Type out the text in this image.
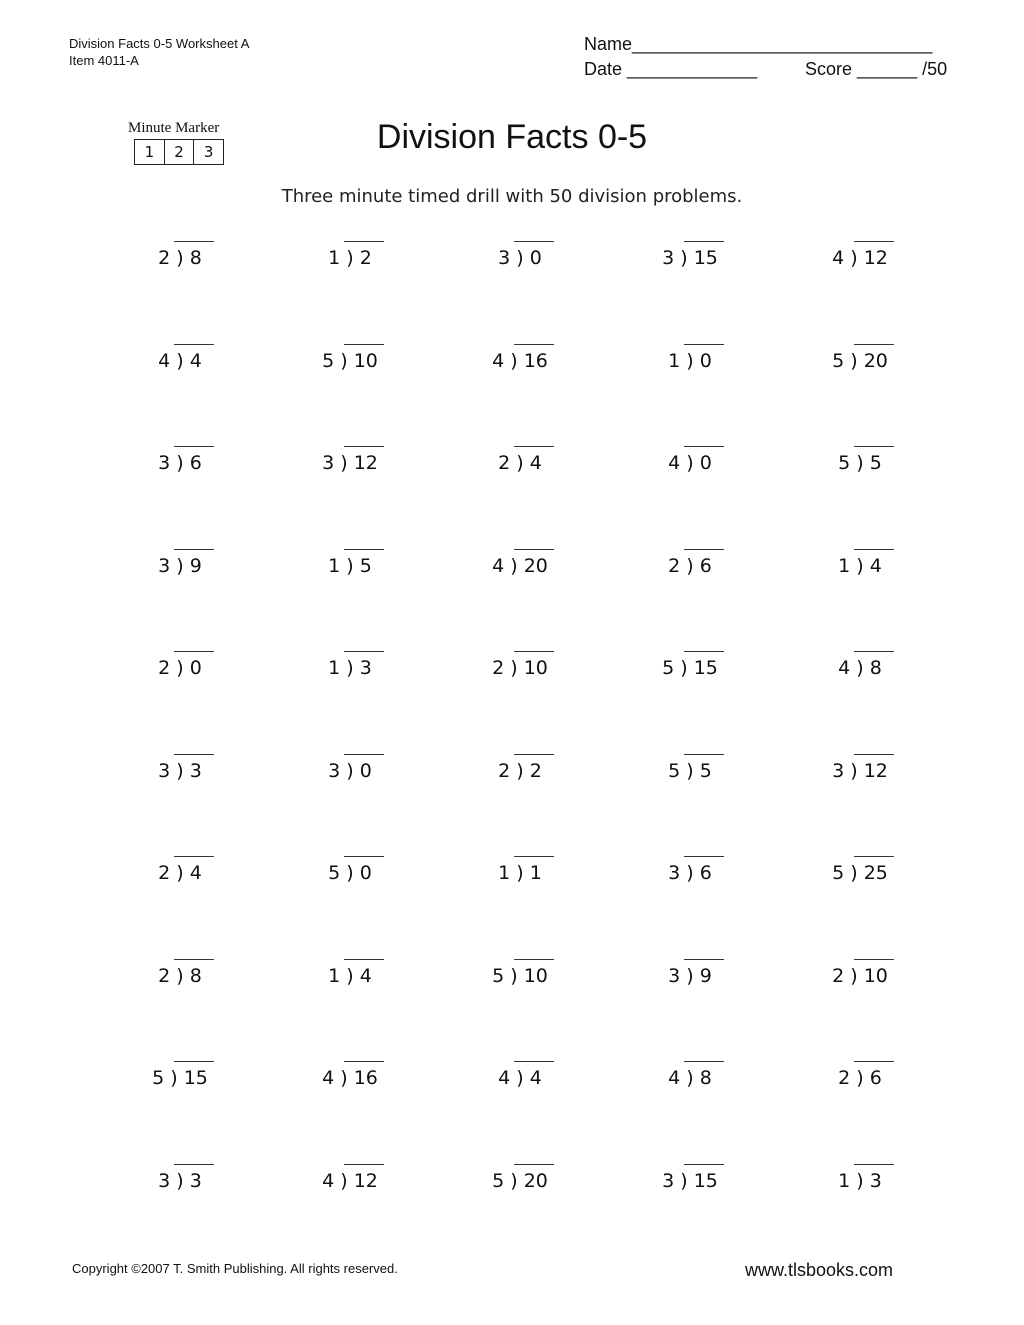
Division Facts 0-5 Worksheet A
Item 4011-A
Name______________________________
Date _____________	Score ______ /50
Minute Marker
1	2	3	Division Facts 0-5
Three minute timed drill with 50 division problems.
2 ) 8	1 ) 2	3 ) 0	3 ) 15	4 ) 12
4 ) 4	5 ) 10	4 ) 16	1 ) 0	5 ) 20
3 ) 6	3 ) 12	2 ) 4	4 ) 0	5 ) 5
3 ) 9	1 ) 5	4 ) 20	2 ) 6	1 ) 4
2 ) 0	1 ) 3	2 ) 10	5 ) 15	4 ) 8
3 ) 3	3 ) 0	2 ) 2	5 ) 5	3 ) 12
2 ) 4	5 ) 0	1 ) 1	3 ) 6	5 ) 25
2 ) 8	1 ) 4	5 ) 10	3 ) 9	2 ) 10
5 ) 15	4 ) 16	4 ) 4	4 ) 8	2 ) 6
3 ) 3	4 ) 12	5 ) 20	3 ) 15	1 ) 3
Copyright ©2007 T. Smith Publishing. All rights reserved.	www.tlsbooks.com
